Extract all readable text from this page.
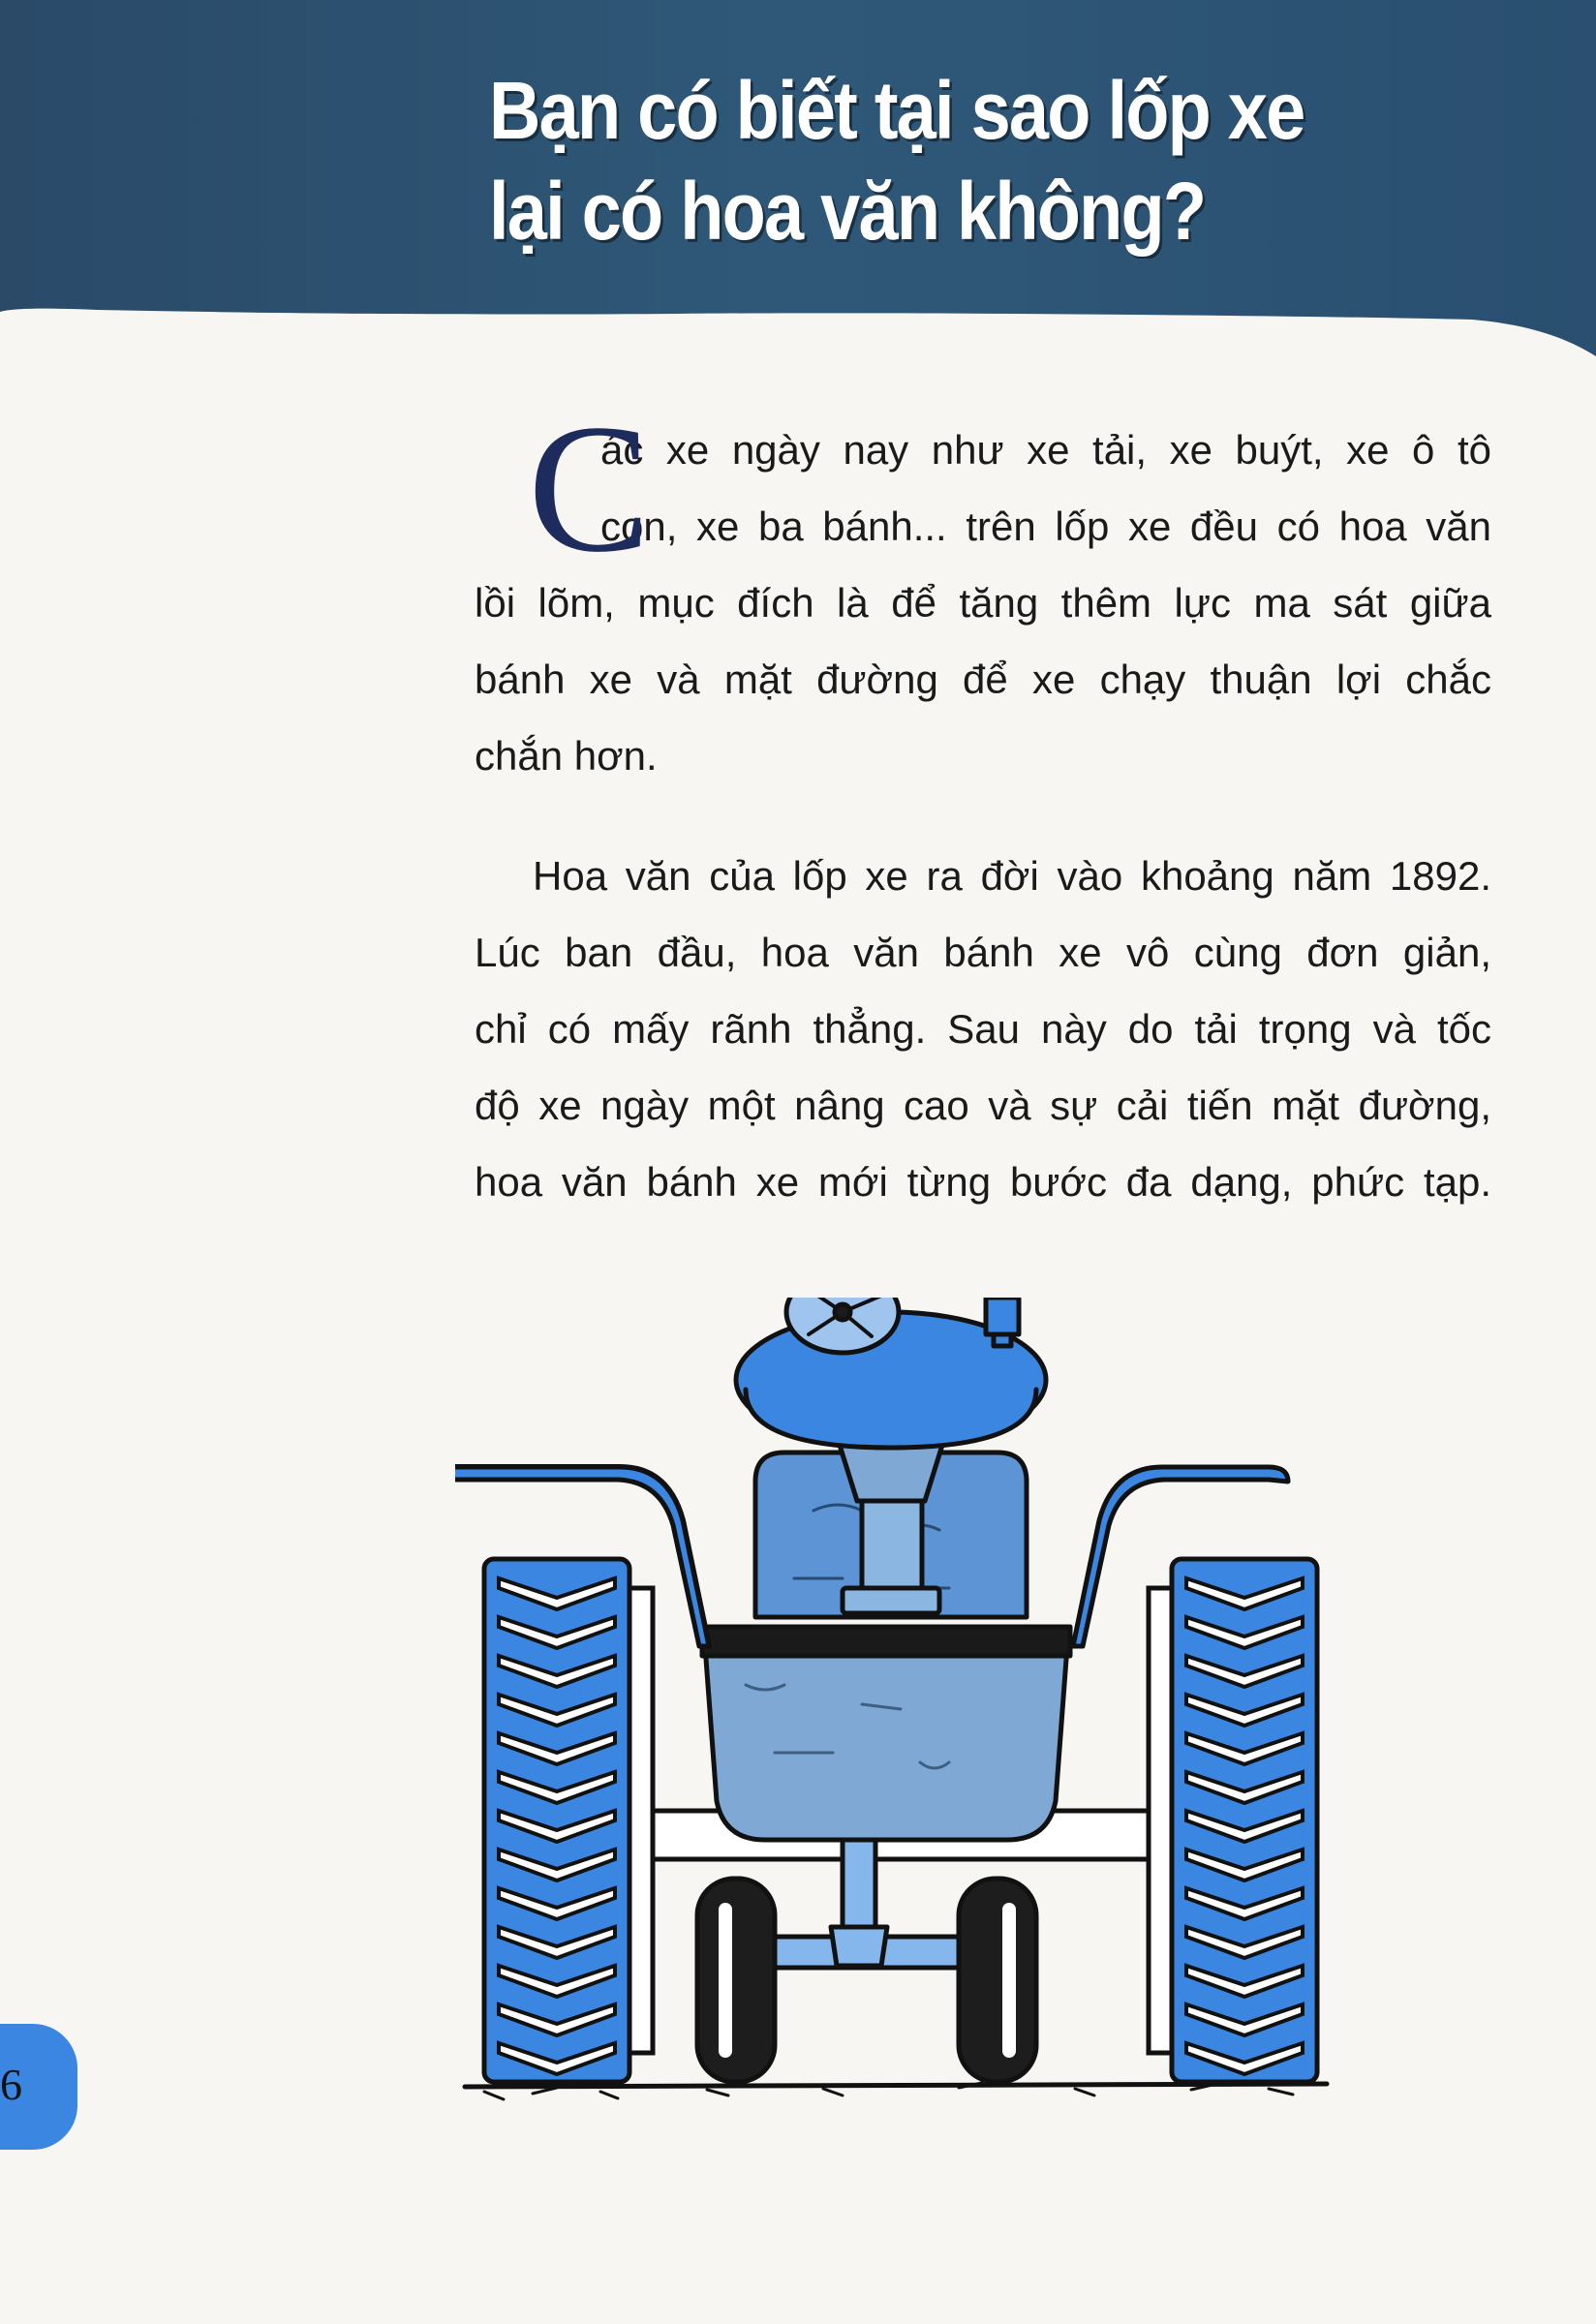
Bạn có biết tại sao lốp xe
lại có hoa văn không?
C
ác xe ngày nay như xe tải, xe buýt, xe ô tô
con, xe ba bánh... trên lốp xe đều có hoa văn
lồi lõm, mục đích là để tăng thêm lực ma sát giữa
bánh xe và mặt đường để xe chạy thuận lợi chắc
chắn hơn.
Hoa văn của lốp xe ra đời vào khoảng năm 1892.
Lúc ban đầu, hoa văn bánh xe vô cùng đơn giản,
chỉ có mấy rãnh thẳng. Sau này do tải trọng và tốc
độ xe ngày một nâng cao và sự cải tiến mặt đường,
hoa văn bánh xe mới từng bước đa dạng, phức tạp.
6
